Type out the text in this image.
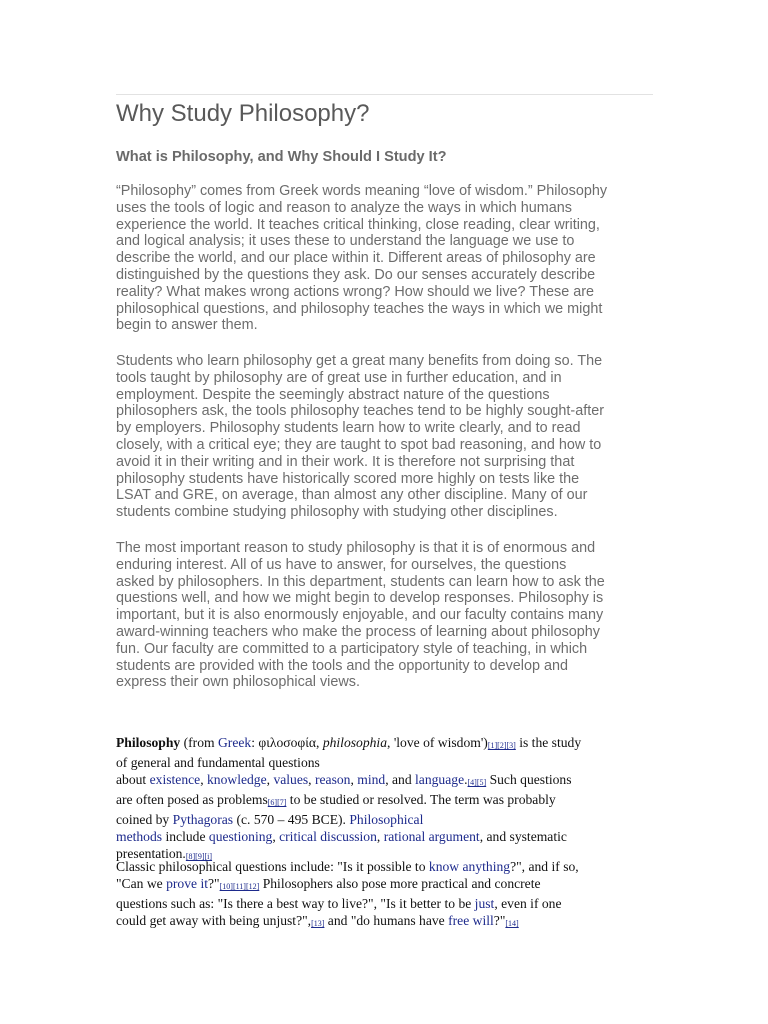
Why Study Philosophy?
What is Philosophy, and Why Should I Study It?
“Philosophy” comes from Greek words meaning “love of wisdom.” Philosophy
uses the tools of logic and reason to analyze the ways in which humans
experience the world. It teaches critical thinking, close reading, clear writing,
and logical analysis; it uses these to understand the language we use to
describe the world, and our place within it. Different areas of philosophy are
distinguished by the questions they ask. Do our senses accurately describe
reality? What makes wrong actions wrong? How should we live? These are
philosophical questions, and philosophy teaches the ways in which we might
begin to answer them.
Students who learn philosophy get a great many benefits from doing so. The
tools taught by philosophy are of great use in further education, and in
employment. Despite the seemingly abstract nature of the questions
philosophers ask, the tools philosophy teaches tend to be highly sought-after
by employers. Philosophy students learn how to write clearly, and to read
closely, with a critical eye; they are taught to spot bad reasoning, and how to
avoid it in their writing and in their work. It is therefore not surprising that
philosophy students have historically scored more highly on tests like the
LSAT and GRE, on average, than almost any other discipline. Many of our
students combine studying philosophy with studying other disciplines.
The most important reason to study philosophy is that it is of enormous and
enduring interest. All of us have to answer, for ourselves, the questions
asked by philosophers. In this department, students can learn how to ask the
questions well, and how we might begin to develop responses. Philosophy is
important, but it is also enormously enjoyable, and our faculty contains many
award-winning teachers who make the process of learning about philosophy
fun. Our faculty are committed to a participatory style of teaching, in which
students are provided with the tools and the opportunity to develop and
express their own philosophical views.
Philosophy (from Greek: φιλοσοφία, philosophia, 'love of wisdom')[1][2][3] is the study
of general and fundamental questions
about existence, knowledge, values, reason, mind, and language.[4][5] Such questions
are often posed as problems[6][7] to be studied or resolved. The term was probably
coined by Pythagoras (c. 570 – 495 BCE). Philosophical
methods include questioning, critical discussion, rational argument, and systematic
presentation.[8][9][i]
Classic philosophical questions include: "Is it possible to know anything?", and if so,
"Can we prove it?"[10][11][12] Philosophers also pose more practical and concrete
questions such as: "Is there a best way to live?", "Is it better to be just, even if one
could get away with being unjust?",[13] and "do humans have free will?"[14]
